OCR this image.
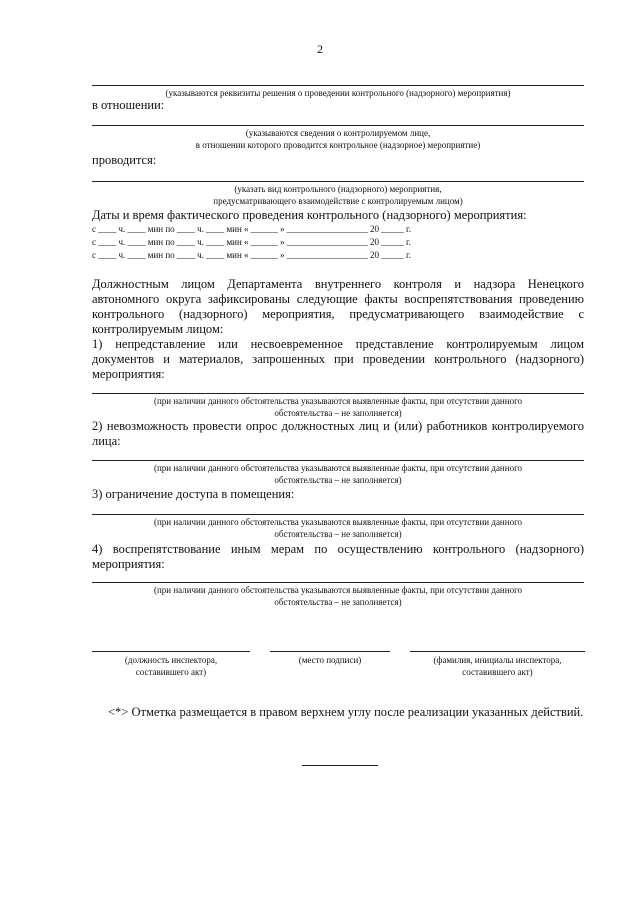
2
(указываются реквизиты решения о проведении контрольного (надзорного) мероприятия)
в отношении:
(указываются сведения о контролируемом лице,
в отношении которого проводится контрольное (надзорное) мероприятие)
проводится:
(указать вид контрольного (надзорного) мероприятия,
предусматривающего взаимодействие с контролируемым лицом)
Даты и время фактического проведения контрольного (надзорного) мероприятия:
с ____ ч. ____ мин по ____ ч. ____ мин « ______ » __________________ 20 _____ г.
с ____ ч. ____ мин по ____ ч. ____ мин « ______ » __________________ 20 _____ г.
с ____ ч. ____ мин по ____ ч. ____ мин « ______ » __________________ 20 _____ г.
Должностным лицом Департамента внутреннего контроля и надзора Ненецкого
автономного округа зафиксированы следующие факты воспрепятствования проведению
контрольного (надзорного) мероприятия, предусматривающего взаимодействие с
контролируемым лицом:
1) непредставление или несвоевременное представление контролируемым лицом
документов и материалов, запрошенных при проведении контрольного (надзорного)
мероприятия:
(при наличии данного обстоятельства указываются выявленные факты, при отсутствии данного
обстоятельства – не заполняется)
2) невозможность провести опрос должностных лиц и (или) работников контролируемого
лица:
(при наличии данного обстоятельства указываются выявленные факты, при отсутствии данного
обстоятельства – не заполняется)
3) ограничение доступа в помещения:
(при наличии данного обстоятельства указываются выявленные факты, при отсутствии данного
обстоятельства – не заполняется)
4) воспрепятствование иным мерам по осуществлению контрольного (надзорного)
мероприятия:
(при наличии данного обстоятельства указываются выявленные факты, при отсутствии данного
обстоятельства – не заполняется)
(должность инспектора,
составившего акт)
(место подписи)	(фамилия, инициалы инспектора,
составившего акт)
<*> Отметка размещается в правом верхнем углу после реализации указанных действий.
